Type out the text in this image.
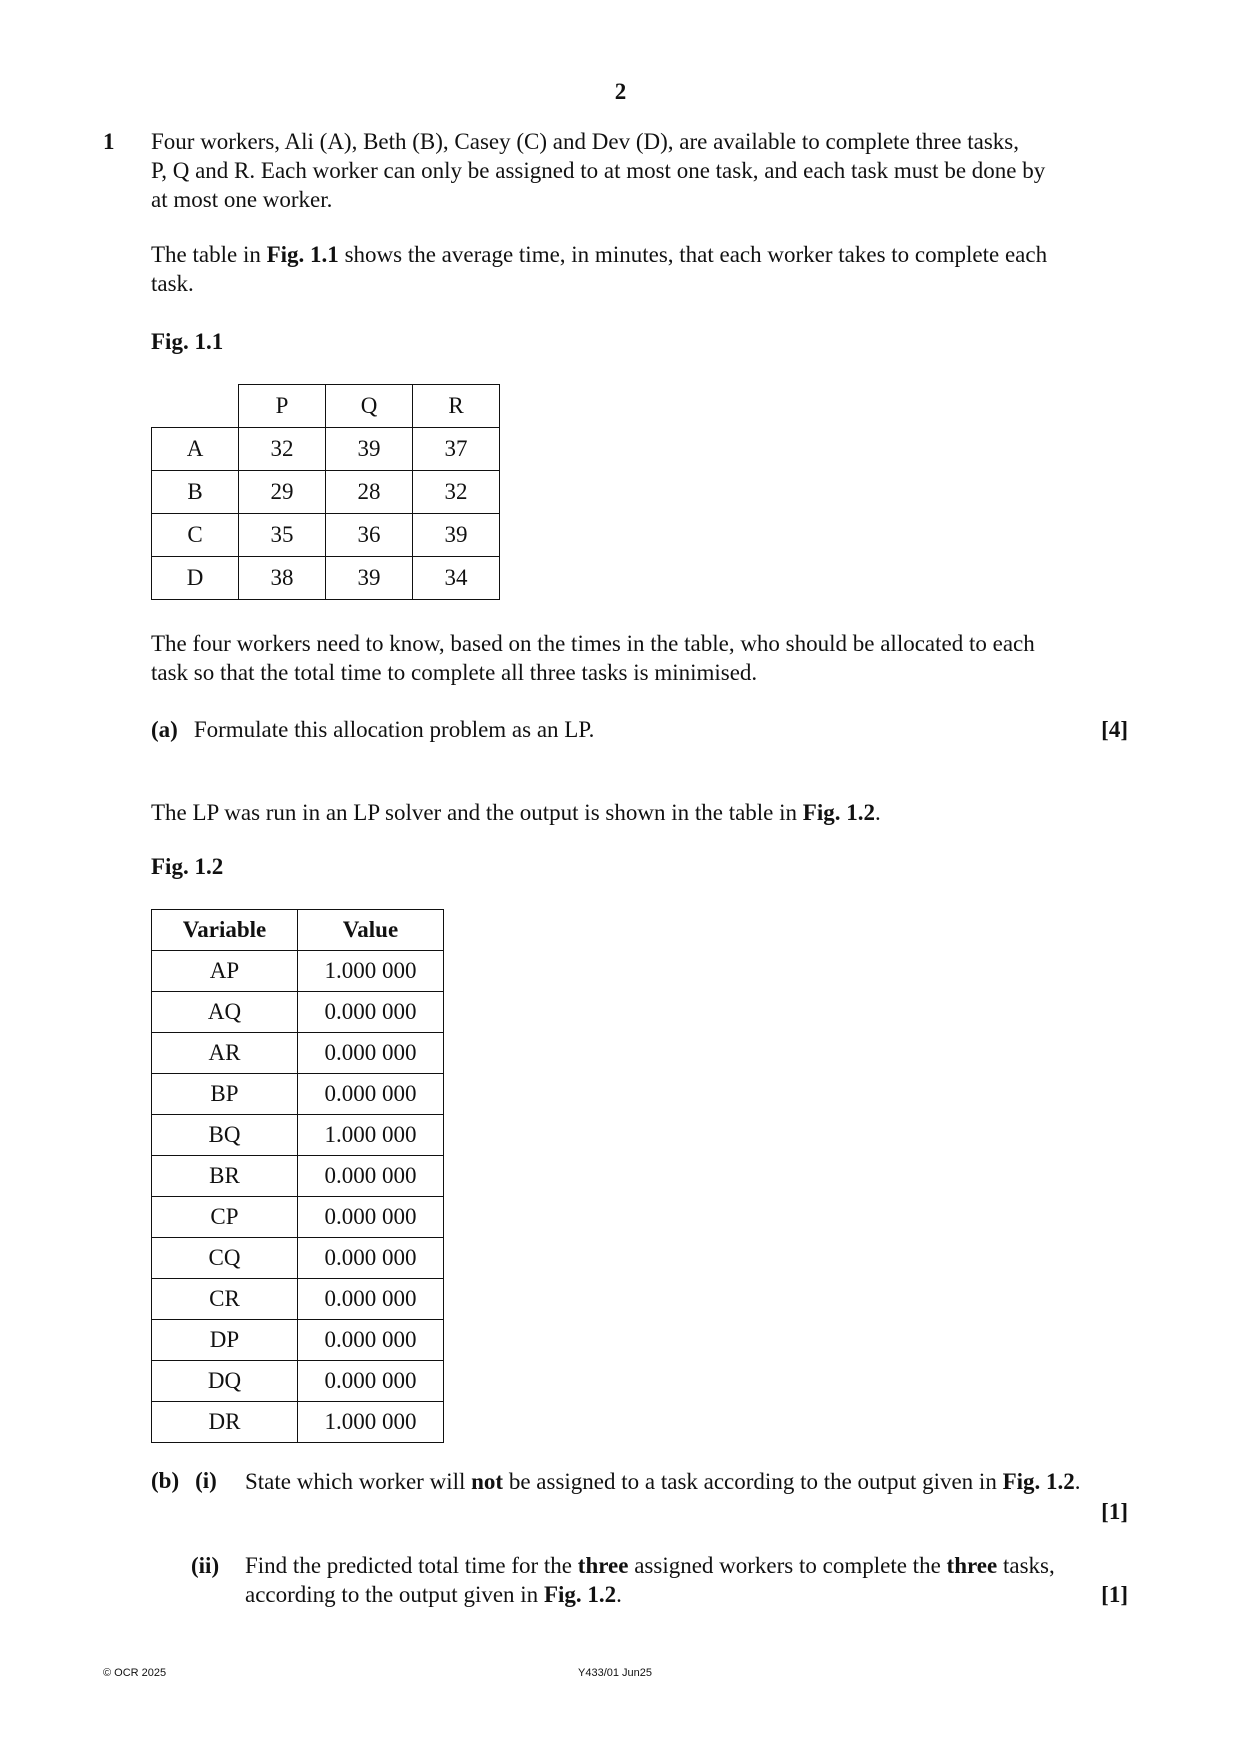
2
1 Four workers, Ali (A), Beth (B), Casey (C) and Dev (D), are available to complete three tasks,
P, Q and R. Each worker can only be assigned to at most one task, and each task must be done by
at most one worker.
The table in Fig. 1.1 shows the average time, in minutes, that each worker takes to complete each
task.
Fig. 1.1
	P	Q	R
A	32	39	37
B	29	28	32
C	35	36	39
D	38	39	34
The four workers need to know, based on the times in the table, who should be allocated to each
task so that the total time to complete all three tasks is minimised.
(a) Formulate this allocation problem as an LP.	[4]
The LP was run in an LP solver and the output is shown in the table in Fig. 1.2.
Fig. 1.2
Variable	Value
AP	1.000 000
AQ	0.000 000
AR	0.000 000
BP	0.000 000
BQ	1.000 000
BR	0.000 000
CP	0.000 000
CQ	0.000 000
CR	0.000 000
DP	0.000 000
DQ	0.000 000
DR	1.000 000
(b) (i) State which worker will not be assigned to a task according to the output given in Fig. 1.2.
[1]
(ii) Find the predicted total time for the three assigned workers to complete the three tasks,
according to the output given in Fig. 1.2.	[1]
© OCR 2025	Y433/01 Jun25
